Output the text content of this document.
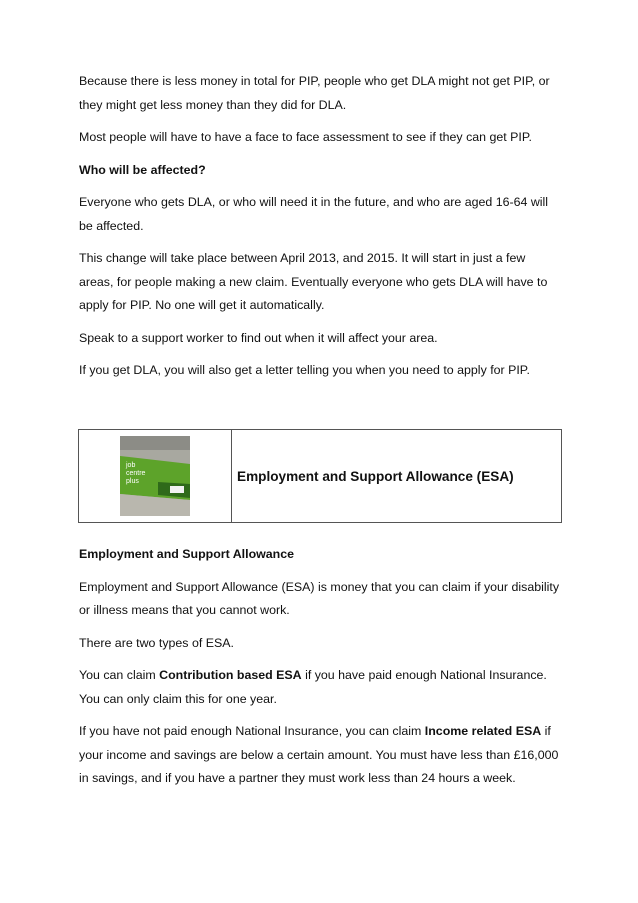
Because there is less money in total for PIP, people who get DLA might not get PIP, or they might get less money than they did for DLA.

Most people will have to have a face to face assessment to see if they can get PIP.

Who will be affected?

Everyone who gets DLA, or who will need it in the future, and who are aged 16-64 will be affected.

This change will take place between April 2013, and 2015. It will start in just a few areas, for people making a new claim. Eventually everyone who gets DLA will have to apply for PIP. No one will get it automatically.

Speak to a support worker to find out when it will affect your area.

If you get DLA, you will also get a letter telling you when you need to apply for PIP.

job
centre
plus	Employment and Support Allowance (ESA)

Employment and Support Allowance

Employment and Support Allowance (ESA) is money that you can claim if your disability or illness means that you cannot work.

There are two types of ESA.

You can claim Contribution based ESA if you have paid enough National Insurance. You can only claim this for one year.

If you have not paid enough National Insurance, you can claim Income related ESA if your income and savings are below a certain amount. You must have less than £16,000 in savings, and if you have a partner they must work less than 24 hours a week.
